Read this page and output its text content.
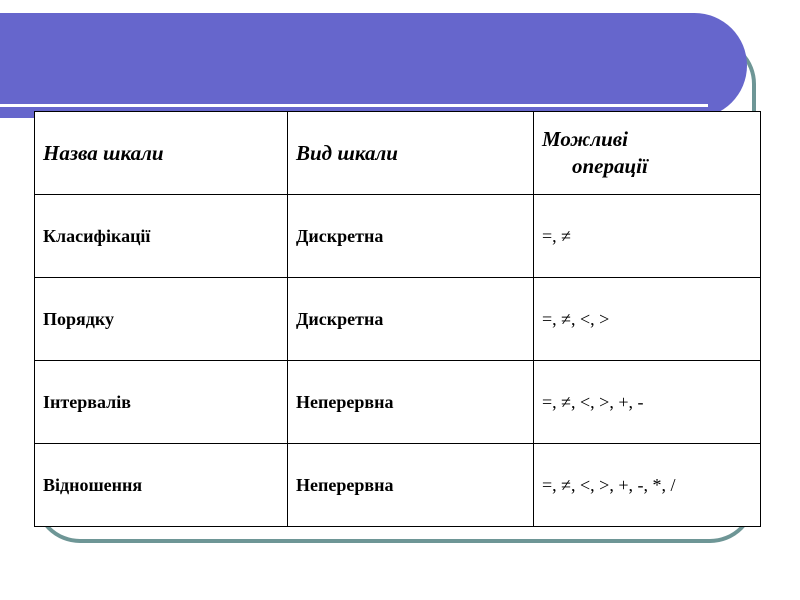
Назва шкали	Вид шкали	Можливі
операції

Класифікації	Дискретна	=, ≠
Порядку	Дискретна	=, ≠, <, >
Інтервалів	Неперервна	=, ≠, <, >, +, -
Відношення	Неперервна	=, ≠, <, >, +, -, *, /
